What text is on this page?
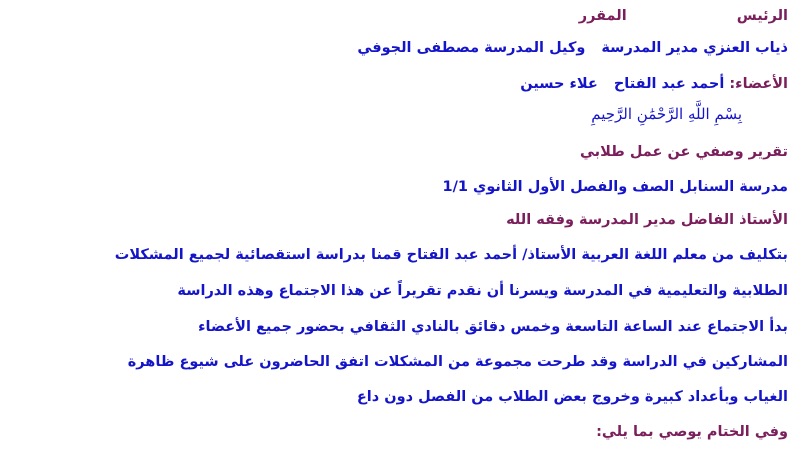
الرئيسالمقرر
ذياب العنزي مدير المدرسةوكيل المدرسة مصطفى الجوفي
الأعضاء: أحمد عبد الفتاحعلاء حسين
بِسْمِ اللَّهِ الرَّحْمَٰنِ الرَّحِيمِ
تقرير وصفي عن عمل طلابي
مدرسة السنابل الصف والفصل الأول الثانوي 1/1
الأستاذ الفاضل مدير المدرسة وفقه الله
بتكليف من معلم اللغة العربية الأستاذ/ أحمد عبد الفتاح قمنا بدراسة استقصائية لجميع المشكلات
الطلابية والتعليمية في المدرسة ويسرنا أن نقدم تقريراً عن هذا الاجتماع وهذه الدراسة
بدأ الاجتماع عند الساعة التاسعة وخمس دقائق بالنادي الثقافي بحضور جميع الأعضاء
المشاركين في الدراسة وقد طرحت مجموعة من المشكلات اتفق الحاضرون على شيوع ظاهرة
الغياب وبأعداد كبيرة وخروج بعض الطلاب من الفصل دون داع
وفي الختام يوصي بما يلي:
